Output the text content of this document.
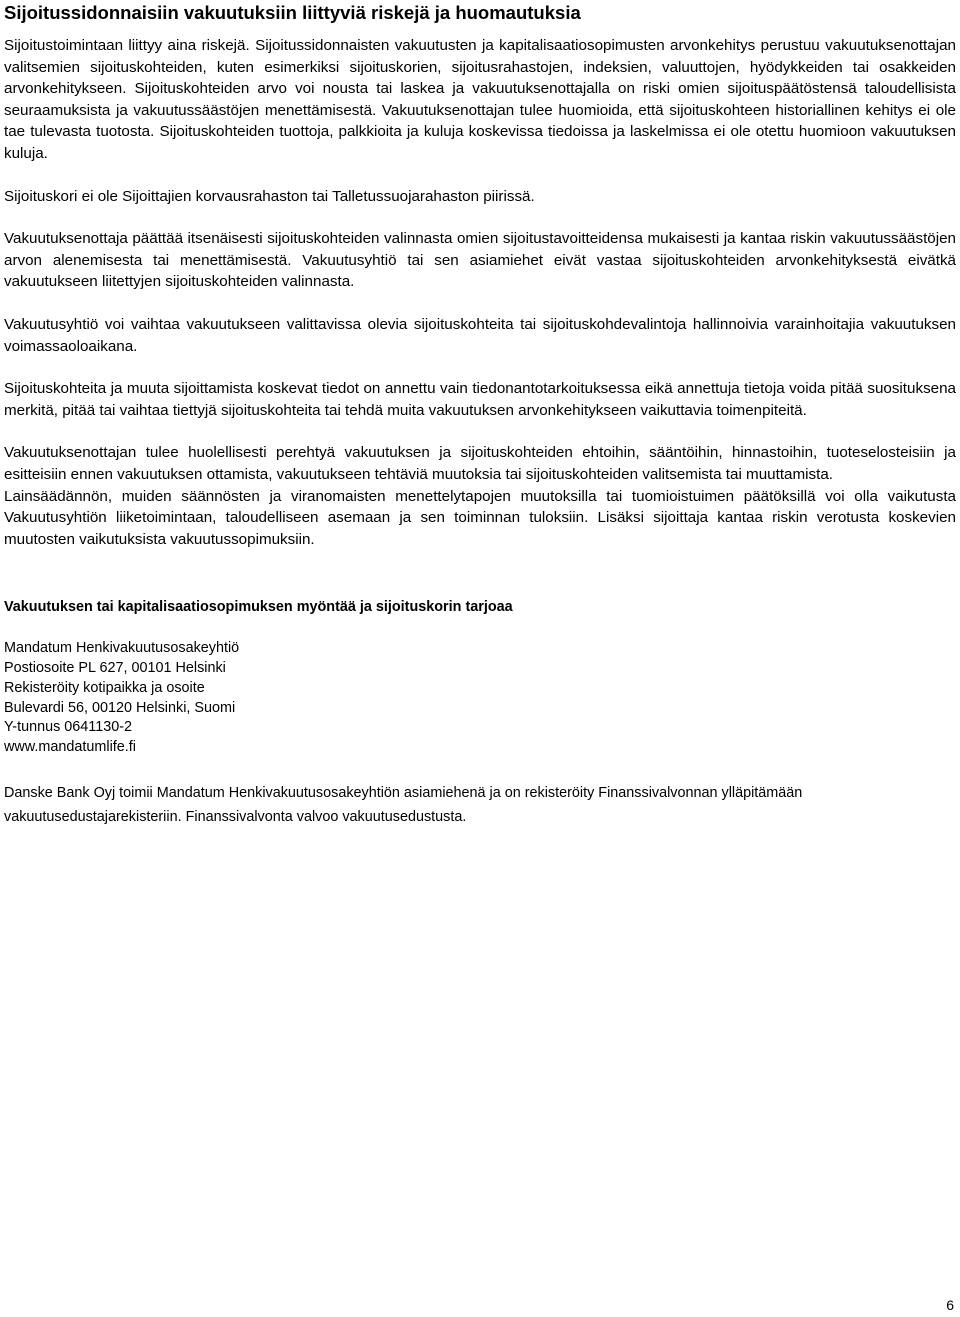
Sijoitussidonnaisiin vakuutuksiin liittyviä riskejä ja huomautuksia

Sijoitustoimintaan liittyy aina riskejä. Sijoitussidonnaisten vakuutusten ja kapitalisaatiosopimusten arvonkehitys perustuu vakuutuksenottajan valitsemien sijoituskohteiden, kuten esimerkiksi sijoituskorien, sijoitusrahastojen, indeksien, valuuttojen, hyödykkeiden tai osakkeiden arvonkehitykseen. Sijoituskohteiden arvo voi nousta tai laskea ja vakuutuksenottajalla on riski omien sijoituspäätöstensä taloudellisista seuraamuksista ja vakuutussäästöjen menettämisestä. Vakuutuksenottajan tulee huomioida, että sijoituskohteen historiallinen kehitys ei ole tae tulevasta tuotosta. Sijoituskohteiden tuottoja, palkkioita ja kuluja koskevissa tiedoissa ja laskelmissa ei ole otettu huomioon vakuutuksen kuluja.

Sijoituskori ei ole Sijoittajien korvausrahaston tai Talletussuojarahaston piirissä.

Vakuutuksenottaja päättää itsenäisesti sijoituskohteiden valinnasta omien sijoitustavoitteidensa mukaisesti ja kantaa riskin vakuutussäästöjen arvon alenemisesta tai menettämisestä. Vakuutusyhtiö tai sen asiamiehet eivät vastaa sijoituskohteiden arvonkehityksestä eivätkä vakuutukseen liitettyjen sijoituskohteiden valinnasta.

Vakuutusyhtiö voi vaihtaa vakuutukseen valittavissa olevia sijoituskohteita tai sijoituskohdevalintoja hallinnoivia varainhoitajia vakuutuksen voimassaoloaikana.

Sijoituskohteita ja muuta sijoittamista koskevat tiedot on annettu vain tiedonantotarkoituksessa eikä annettuja tietoja voida pitää suosituksena merkitä, pitää tai vaihtaa tiettyjä sijoituskohteita tai tehdä muita vakuutuksen arvonkehitykseen vaikuttavia toimenpiteitä.

Vakuutuksenottajan tulee huolellisesti perehtyä vakuutuksen ja sijoituskohteiden ehtoihin, sääntöihin, hinnastoihin, tuoteselosteisiin ja esitteisiin ennen vakuutuksen ottamista, vakuutukseen tehtäviä muutoksia tai sijoituskohteiden valitsemista tai muuttamista.

Lainsäädännön, muiden säännösten ja viranomaisten menettelytapojen muutoksilla tai tuomioistuimen päätöksillä voi olla vaikutusta Vakuutusyhtiön liiketoimintaan, taloudelliseen asemaan ja sen toiminnan tuloksiin. Lisäksi sijoittaja kantaa riskin verotusta koskevien muutosten vaikutuksista vakuutussopimuksiin.

Vakuutuksen tai kapitalisaatiosopimuksen myöntää ja sijoituskorin tarjoaa
Mandatum Henkivakuutusosakeyhtiö
Postiosoite PL 627, 00101 Helsinki
Rekisteröity kotipaikka ja osoite
Bulevardi 56, 00120 Helsinki, Suomi
Y-tunnus 0641130-2
www.mandatumlife.fi

Danske Bank Oyj toimii Mandatum Henkivakuutusosakeyhtiön asiamiehenä ja on rekisteröity Finanssivalvonnan ylläpitämään vakuutusedustajarekisteriin. Finanssivalvonta valvoo vakuutusedustusta.

6
